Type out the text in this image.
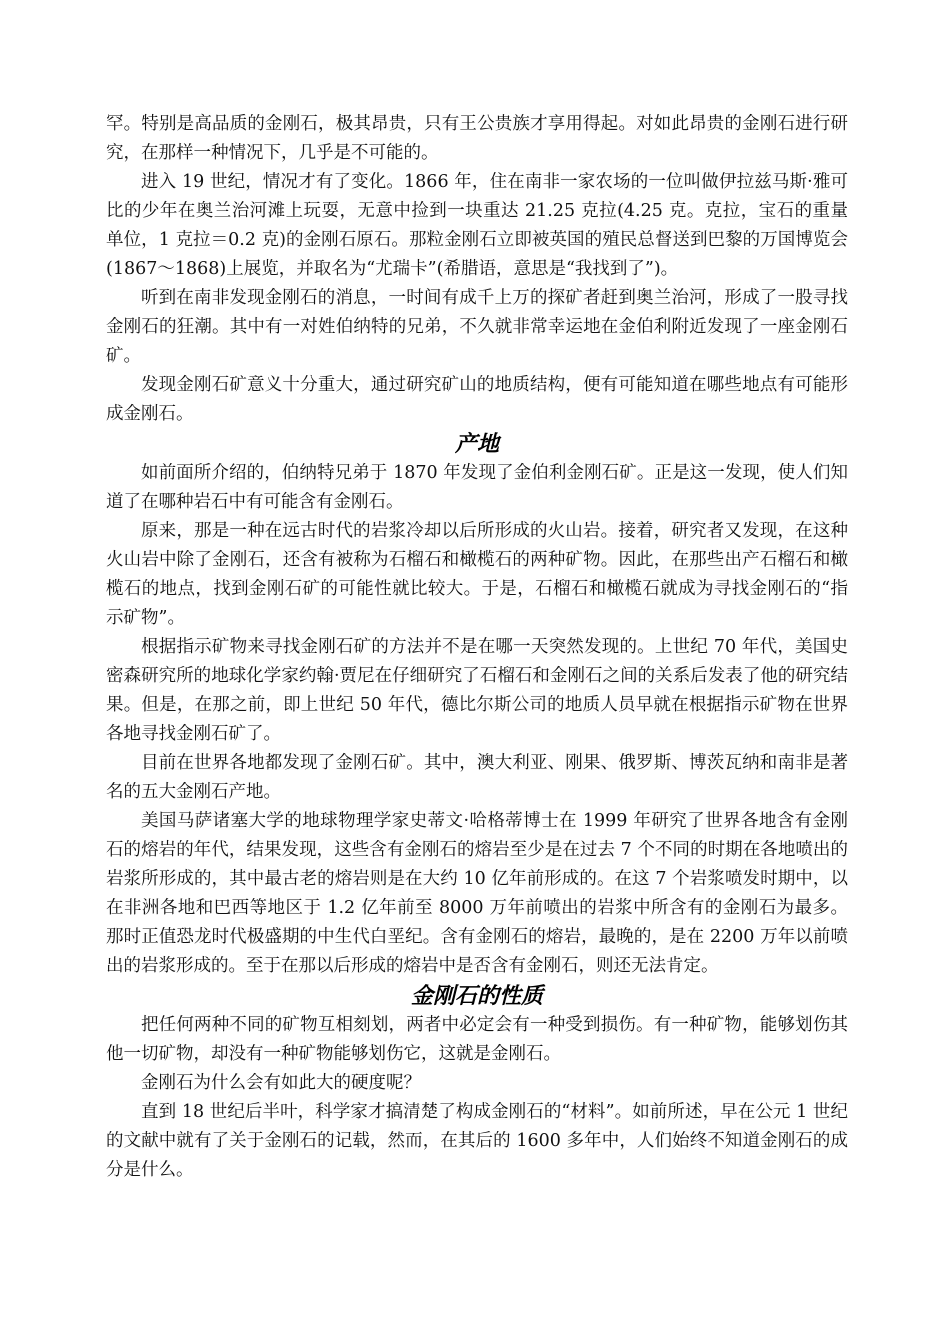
罕。特别是高品质的金刚石，极其昂贵，只有王公贵族才享用得起。对如此昂贵的金刚石进行研究，在那样一种情况下，几乎是不可能的。

进入 19 世纪，情况才有了变化。1866 年，住在南非一家农场的一位叫做伊拉兹马斯·雅可比的少年在奥兰治河滩上玩耍，无意中捡到一块重达 21.25 克拉(4.25 克。克拉，宝石的重量单位，1 克拉＝0.2 克)的金刚石原石。那粒金刚石立即被英国的殖民总督送到巴黎的万国博览会(1867～1868)上展览，并取名为“尤瑞卡”(希腊语，意思是“我找到了”)。

听到在南非发现金刚石的消息，一时间有成千上万的探矿者赶到奥兰治河，形成了一股寻找金刚石的狂潮。其中有一对姓伯纳特的兄弟，不久就非常幸运地在金伯利附近发现了一座金刚石矿。

发现金刚石矿意义十分重大，通过研究矿山的地质结构，便有可能知道在哪些地点有可能形成金刚石。

产地

如前面所介绍的，伯纳特兄弟于 1870 年发现了金伯利金刚石矿。正是这一发现，使人们知道了在哪种岩石中有可能含有金刚石。

原来，那是一种在远古时代的岩浆冷却以后所形成的火山岩。接着，研究者又发现，在这种火山岩中除了金刚石，还含有被称为石榴石和橄榄石的两种矿物。因此，在那些出产石榴石和橄榄石的地点，找到金刚石矿的可能性就比较大。于是，石榴石和橄榄石就成为寻找金刚石的“指示矿物”。

根据指示矿物来寻找金刚石矿的方法并不是在哪一天突然发现的。上世纪 70 年代，美国史密森研究所的地球化学家约翰·贾尼在仔细研究了石榴石和金刚石之间的关系后发表了他的研究结果。但是，在那之前，即上世纪 50 年代，德比尔斯公司的地质人员早就在根据指示矿物在世界各地寻找金刚石矿了。

目前在世界各地都发现了金刚石矿。其中，澳大利亚、刚果、俄罗斯、博茨瓦纳和南非是著名的五大金刚石产地。

美国马萨诸塞大学的地球物理学家史蒂文·哈格蒂博士在 1999 年研究了世界各地含有金刚石的熔岩的年代，结果发现，这些含有金刚石的熔岩至少是在过去 7 个不同的时期在各地喷出的岩浆所形成的，其中最古老的熔岩则是在大约 10 亿年前形成的。在这 7 个岩浆喷发时期中，以在非洲各地和巴西等地区于 1.2 亿年前至 8000 万年前喷出的岩浆中所含有的金刚石为最多。那时正值恐龙时代极盛期的中生代白垩纪。含有金刚石的熔岩，最晚的，是在 2200 万年以前喷出的岩浆形成的。至于在那以后形成的熔岩中是否含有金刚石，则还无法肯定。

金刚石的性质

把任何两种不同的矿物互相刻划，两者中必定会有一种受到损伤。有一种矿物，能够划伤其他一切矿物，却没有一种矿物能够划伤它，这就是金刚石。

金刚石为什么会有如此大的硬度呢？

直到 18 世纪后半叶，科学家才搞清楚了构成金刚石的“材料”。如前所述，早在公元 1 世纪的文献中就有了关于金刚石的记载，然而，在其后的 1600 多年中，人们始终不知道金刚石的成分是什么。
